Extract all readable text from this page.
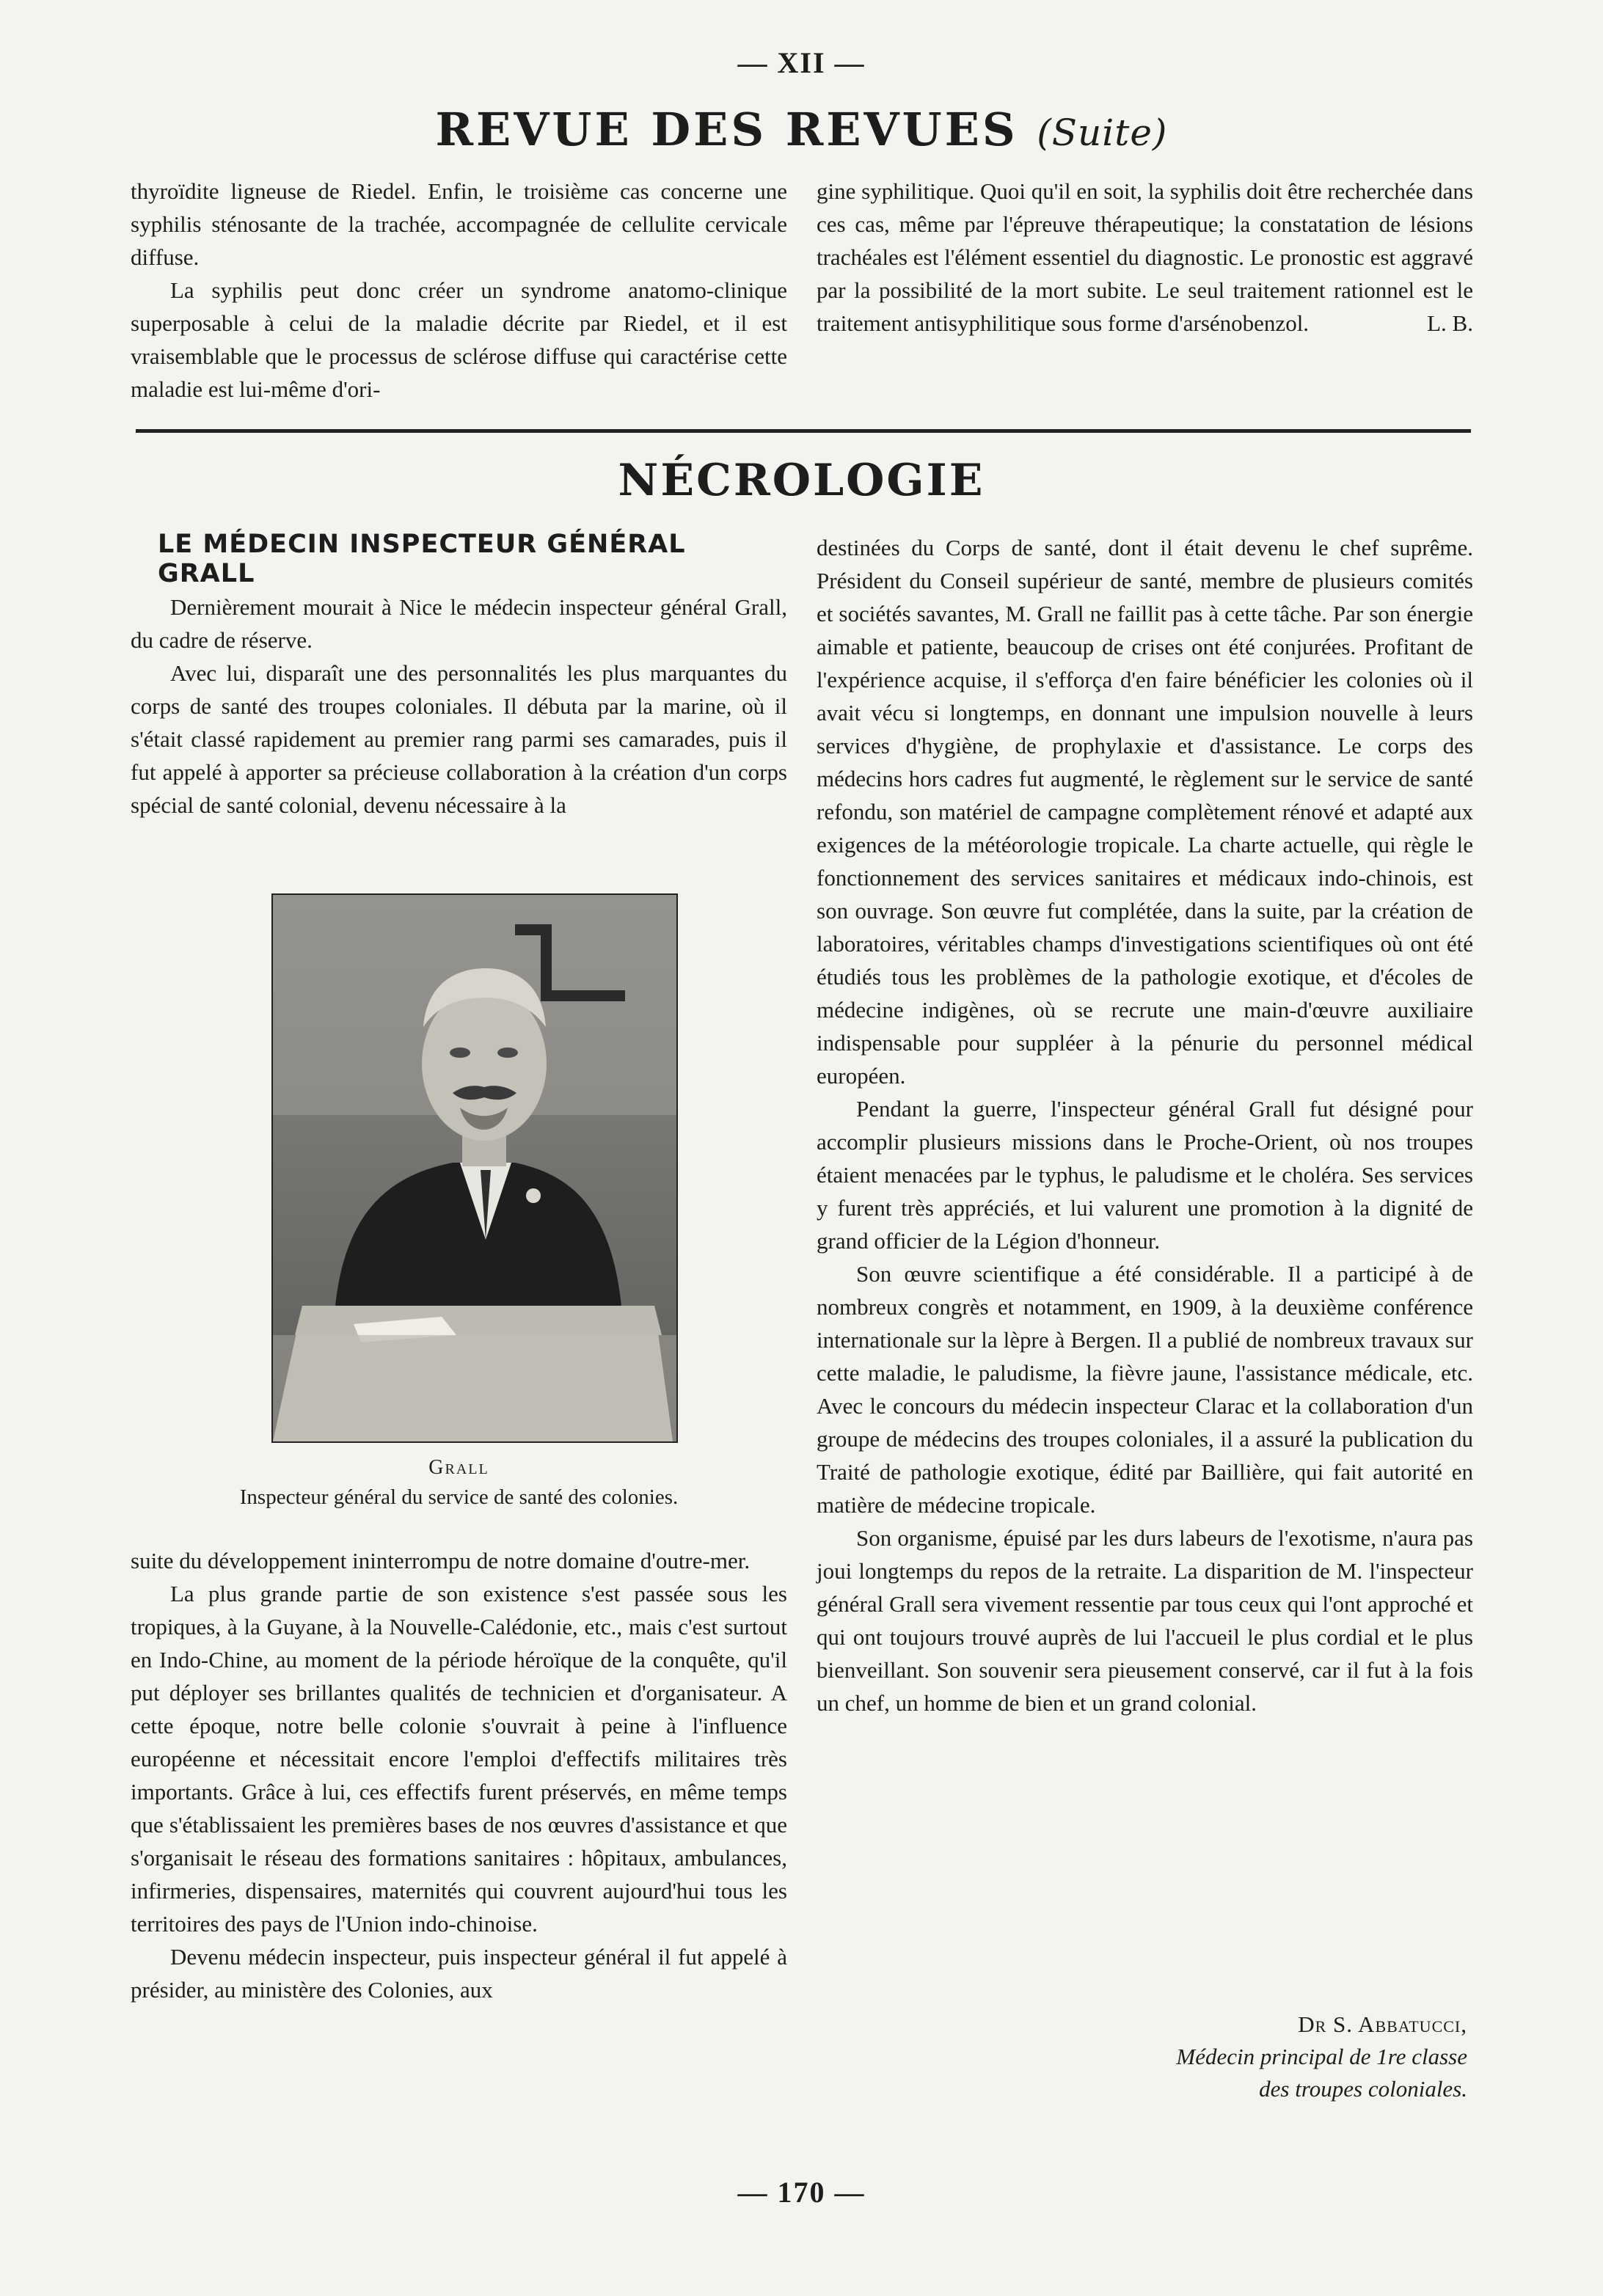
— XII —
REVUE DES REVUES (Suite)

thyroïdite ligneuse de Riedel. Enfin, le troisième cas concerne une syphilis sténosante de la trachée, accompagnée de cellulite cervicale diffuse.

La syphilis peut donc créer un syndrome anatomo-clinique superposable à celui de la maladie décrite par Riedel, et il est vraisemblable que le processus de sclérose diffuse qui caractérise cette maladie est lui-même d'ori-

gine syphilitique. Quoi qu'il en soit, la syphilis doit être recherchée dans ces cas, même par l'épreuve thérapeutique; la constatation de lésions trachéales est l'élément essentiel du diagnostic. Le pronostic est aggravé par la possibilité de la mort subite. Le seul traitement rationnel est le traitement antisyphilitique sous forme d'arsénobenzol.	L. B.

NÉCROLOGIE
LE MÉDECIN INSPECTEUR GÉNÉRAL GRALL

Dernièrement mourait à Nice le médecin inspecteur général Grall, du cadre de réserve.

Avec lui, disparaît une des personnalités les plus marquantes du corps de santé des troupes coloniales. Il débuta par la marine, où il s'était classé rapidement au premier rang parmi ses camarades, puis il fut appelé à apporter sa précieuse collaboration à la création d'un corps spécial de santé colonial, devenu nécessaire à la

Grall
Inspecteur général du service de santé des colonies.

suite du développement ininterrompu de notre domaine d'outre-mer.

La plus grande partie de son existence s'est passée sous les tropiques, à la Guyane, à la Nouvelle-Calédonie, etc., mais c'est surtout en Indo-Chine, au moment de la période héroïque de la conquête, qu'il put déployer ses brillantes qualités de technicien et d'organisateur. A cette époque, notre belle colonie s'ouvrait à peine à l'influence européenne et nécessitait encore l'emploi d'effectifs militaires très importants. Grâce à lui, ces effectifs furent préservés, en même temps que s'établissaient les premières bases de nos œuvres d'assistance et que s'organisait le réseau des formations sanitaires : hôpitaux, ambulances, infirmeries, dispensaires, maternités qui couvrent aujourd'hui tous les territoires des pays de l'Union indo-chinoise.

Devenu médecin inspecteur, puis inspecteur général il fut appelé à présider, au ministère des Colonies, aux

destinées du Corps de santé, dont il était devenu le chef suprême. Président du Conseil supérieur de santé, membre de plusieurs comités et sociétés savantes, M. Grall ne faillit pas à cette tâche. Par son énergie aimable et patiente, beaucoup de crises ont été conjurées. Profitant de l'expérience acquise, il s'efforça d'en faire bénéficier les colonies où il avait vécu si longtemps, en donnant une impulsion nouvelle à leurs services d'hygiène, de prophylaxie et d'assistance. Le corps des médecins hors cadres fut augmenté, le règlement sur le service de santé refondu, son matériel de campagne complètement rénové et adapté aux exigences de la météorologie tropicale. La charte actuelle, qui règle le fonctionnement des services sanitaires et médicaux indo-chinois, est son ouvrage. Son œuvre fut complétée, dans la suite, par la création de laboratoires, véritables champs d'investigations scientifiques où ont été étudiés tous les problèmes de la pathologie exotique, et d'écoles de médecine indigènes, où se recrute une main-d'œuvre auxiliaire indispensable pour suppléer à la pénurie du personnel médical européen.

Pendant la guerre, l'inspecteur général Grall fut désigné pour accomplir plusieurs missions dans le Proche-Orient, où nos troupes étaient menacées par le typhus, le paludisme et le choléra. Ses services y furent très appréciés, et lui valurent une promotion à la dignité de grand officier de la Légion d'honneur.

Son œuvre scientifique a été considérable. Il a participé à de nombreux congrès et notamment, en 1909, à la deuxième conférence internationale sur la lèpre à Bergen. Il a publié de nombreux travaux sur cette maladie, le paludisme, la fièvre jaune, l'assistance médicale, etc. Avec le concours du médecin inspecteur Clarac et la collaboration d'un groupe de médecins des troupes coloniales, il a assuré la publication du Traité de pathologie exotique, édité par Baillière, qui fait autorité en matière de médecine tropicale.

Son organisme, épuisé par les durs labeurs de l'exotisme, n'aura pas joui longtemps du repos de la retraite. La disparition de M. l'inspecteur général Grall sera vivement ressentie par tous ceux qui l'ont approché et qui ont toujours trouvé auprès de lui l'accueil le plus cordial et le plus bienveillant. Son souvenir sera pieusement conservé, car il fut à la fois un chef, un homme de bien et un grand colonial.

Dr S. Abbatucci,
Médecin principal de 1re classe
des troupes coloniales.
— 170 —
